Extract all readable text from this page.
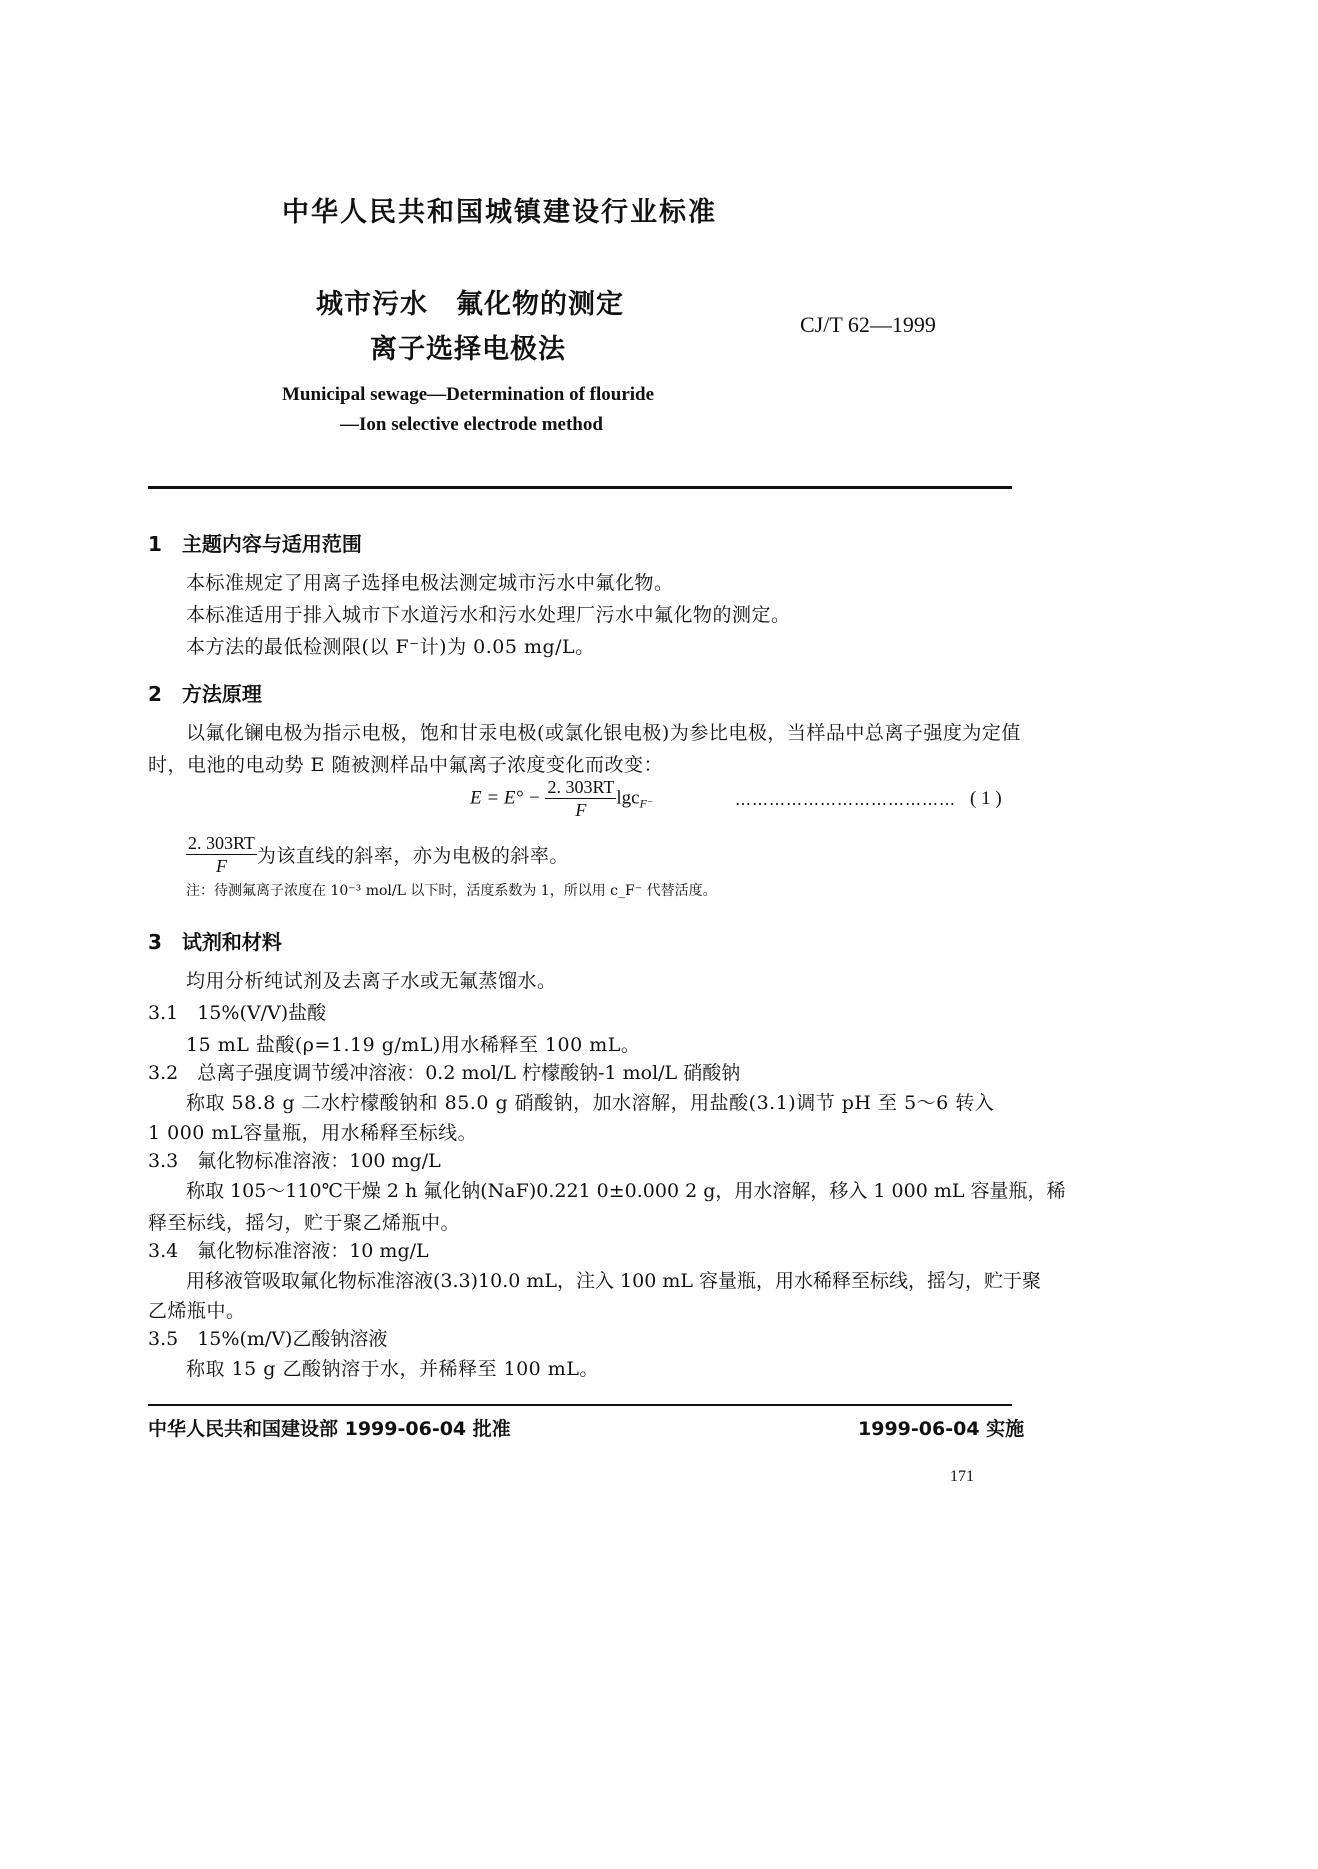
中华人民共和国城镇建设行业标准
城市污水　氟化物的测定
离子选择电极法
CJ/T 62—1999
Municipal sewage—Determination of flouride
—Ion selective electrode method
1　主题内容与适用范围
本标准规定了用离子选择电极法测定城市污水中氟化物。
本标准适用于排入城市下水道污水和污水处理厂污水中氟化物的测定。
本方法的最低检测限(以 F⁻计)为 0.05 mg/L。
2　方法原理
以氟化镧电极为指示电极，饱和甘汞电极(或氯化银电极)为参比电极，当样品中总离子强度为定值
时，电池的电动势 E 随被测样品中氟离子浓度变化而改变：
$E = E^\circ - \frac{2. 303RT}{F} \lg c_{F^-}$	………………………………… ( 1 )
$\frac{2. 303RT}{F}$ 为该直线的斜率，亦为电极的斜率。
注：待测氟离子浓度在 10⁻³ mol/L 以下时，活度系数为 1，所以用 c_F⁻ 代替活度。
3　试剂和材料
均用分析纯试剂及去离子水或无氟蒸馏水。
3.1　15%(V/V)盐酸
15 mL 盐酸(ρ=1.19 g/mL)用水稀释至 100 mL。
3.2　总离子强度调节缓冲溶液：0.2 mol/L 柠檬酸钠-1 mol/L 硝酸钠
称取 58.8 g 二水柠檬酸钠和 85.0 g 硝酸钠，加水溶解，用盐酸(3.1)调节 pH 至 5～6 转入
1 000 mL容量瓶，用水稀释至标线。
3.3　氟化物标准溶液：100 mg/L
称取 105～110℃干燥 2 h 氟化钠(NaF)0.221 0±0.000 2 g，用水溶解，移入 1 000 mL 容量瓶，稀
释至标线，摇匀，贮于聚乙烯瓶中。
3.4　氟化物标准溶液：10 mg/L
用移液管吸取氟化物标准溶液(3.3)10.0 mL，注入 100 mL 容量瓶，用水稀释至标线，摇匀，贮于聚
乙烯瓶中。
3.5　15%(m/V)乙酸钠溶液
称取 15 g 乙酸钠溶于水，并稀释至 100 mL。
中华人民共和国建设部 1999-06-04 批准	1999-06-04 实施
171
